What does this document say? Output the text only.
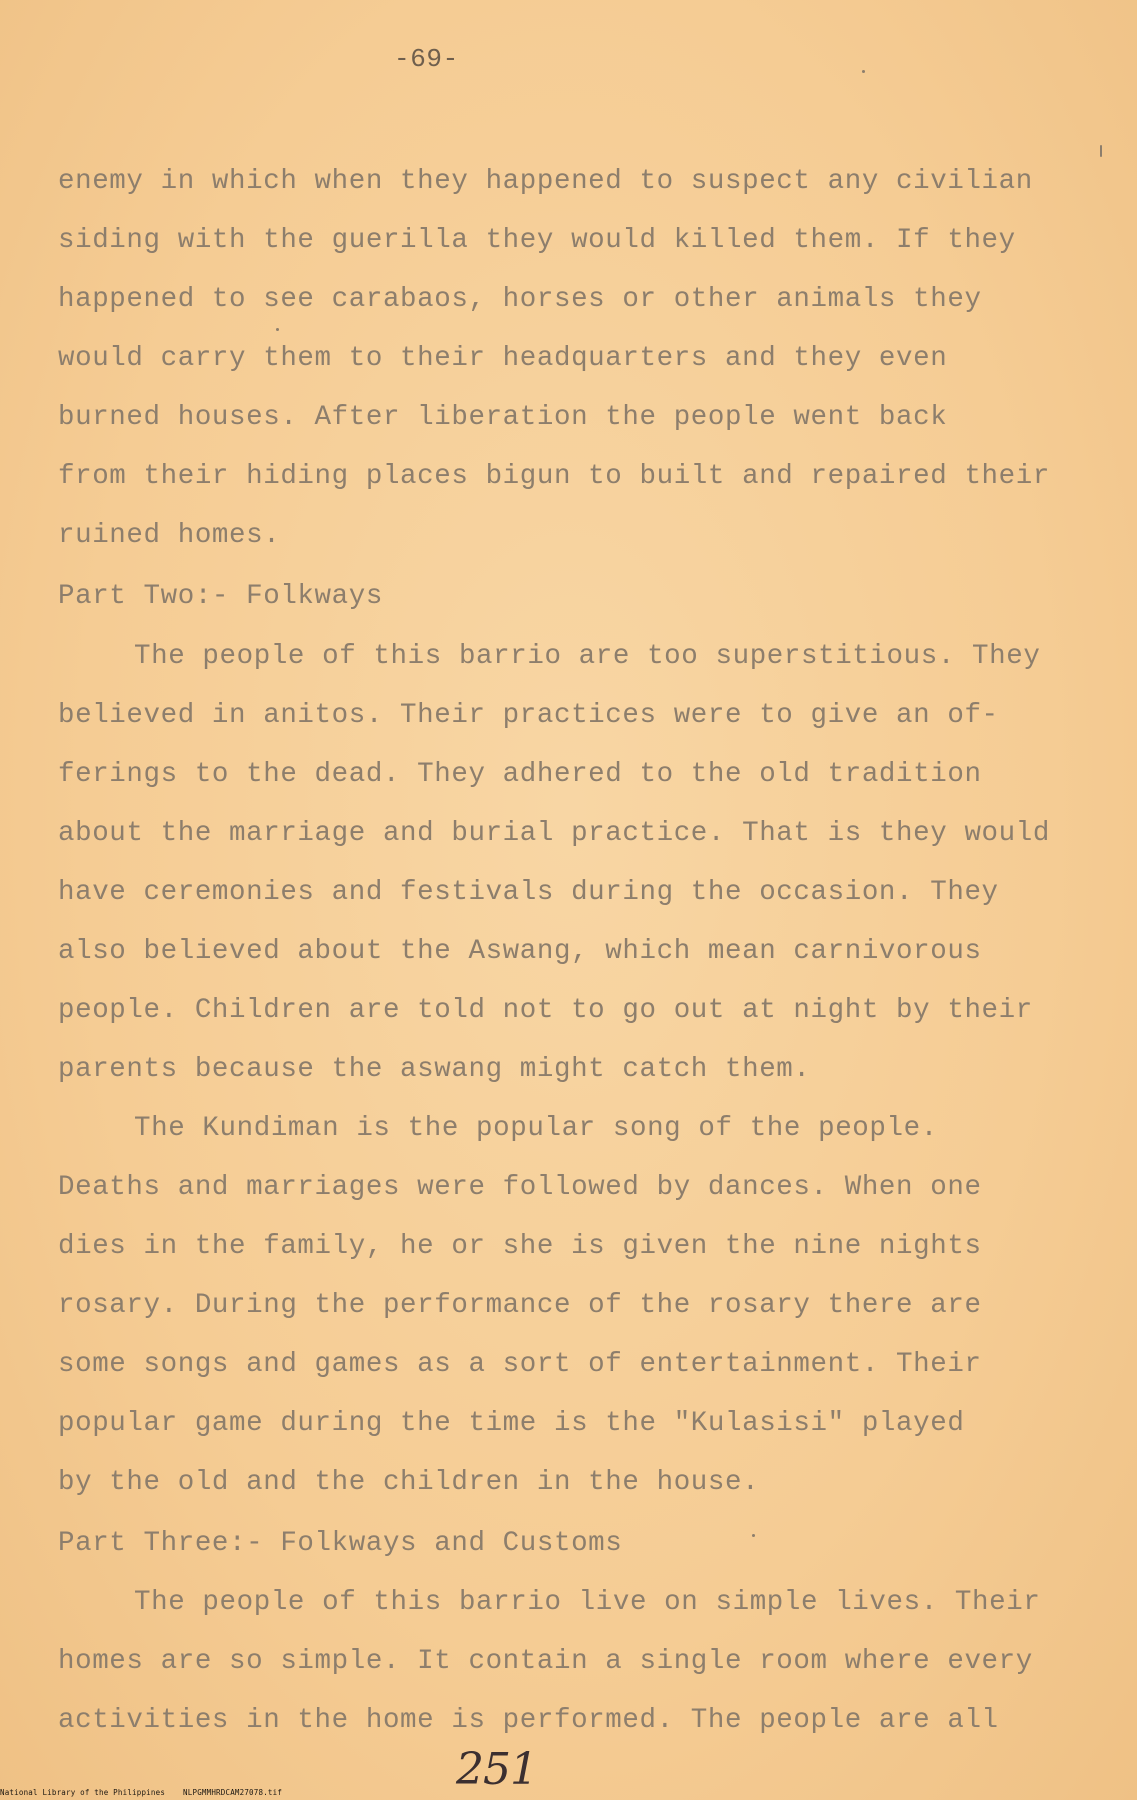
-69-

enemy in which when they happened to suspect any civilian

siding with the guerilla they would killed them. If they

happened to see carabaos, horses or other animals they

would carry them to their headquarters and they even

burned houses. After liberation the people went back

from their hiding places bigun to built and repaired their

ruined homes.

Part Two:- Folkways

The people of this barrio are too superstitious. They

believed in anitos. Their practices were to give an of-

ferings to the dead. They adhered to the old tradition

about the marriage and burial practice. That is they would

have ceremonies and festivals during the occasion. They

also believed about the Aswang, which mean carnivorous

people. Children are told not to go out at night by their

parents because the aswang might catch them.

The Kundiman is the popular song of the people.

Deaths and marriages were followed by dances. When one

dies in the family, he or she is given the nine nights

rosary. During the performance of the rosary there are

some songs and games as a sort of entertainment. Their

popular game during the time is the "Kulasisi" played

by the old and the children in the house.

Part Three:- Folkways and Customs

The people of this barrio live on simple lives. Their

homes are so simple. It contain a single room where every

activities in the home is performed. The people are all

251
National Library of the Philippines NLPGMMHRDCAM27078.tif
